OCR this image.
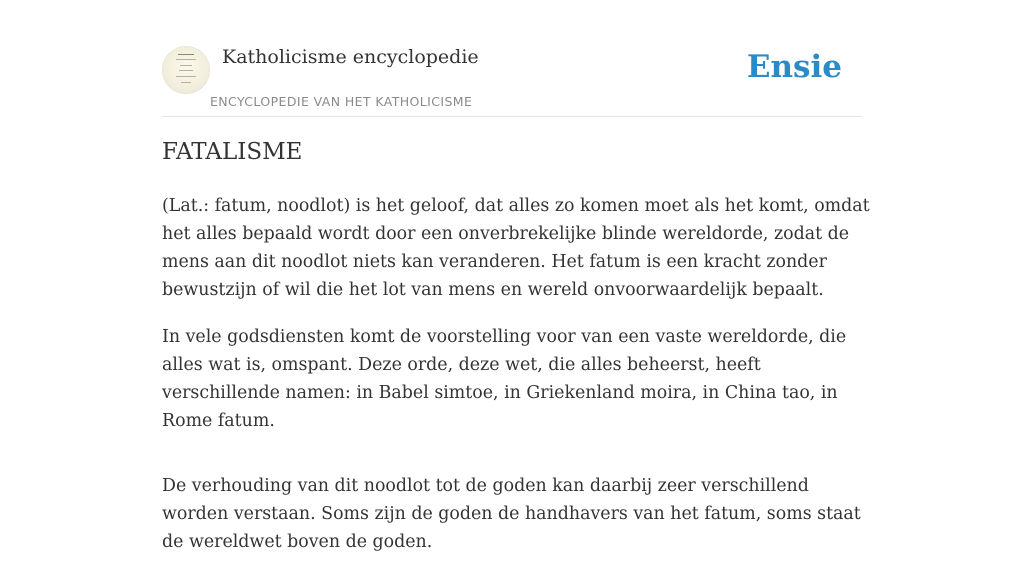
Katholicisme encyclopedie
ENCYCLOPEDIE VAN HET KATHOLICISME
Ensie
FATALISME

(Lat.: fatum, noodlot) is het geloof, dat alles zo komen moet als het komt, omdat het alles bepaald wordt door een onverbrekelijke blinde wereldorde, zodat de mens aan dit noodlot niets kan veranderen. Het fatum is een kracht zonder bewustzijn of wil die het lot van mens en wereld onvoorwaardelijk bepaalt.

In vele godsdiensten komt de voorstelling voor van een vaste wereldorde, die alles wat is, omspant. Deze orde, deze wet, die alles beheerst, heeft verschillende namen: in Babel simtoe, in Griekenland moira, in China tao, in Rome fatum.

De verhouding van dit noodlot tot de goden kan daarbij zeer verschillend worden verstaan. Soms zijn de goden de handhavers van het fatum, soms staat de wereldwet boven de goden.
